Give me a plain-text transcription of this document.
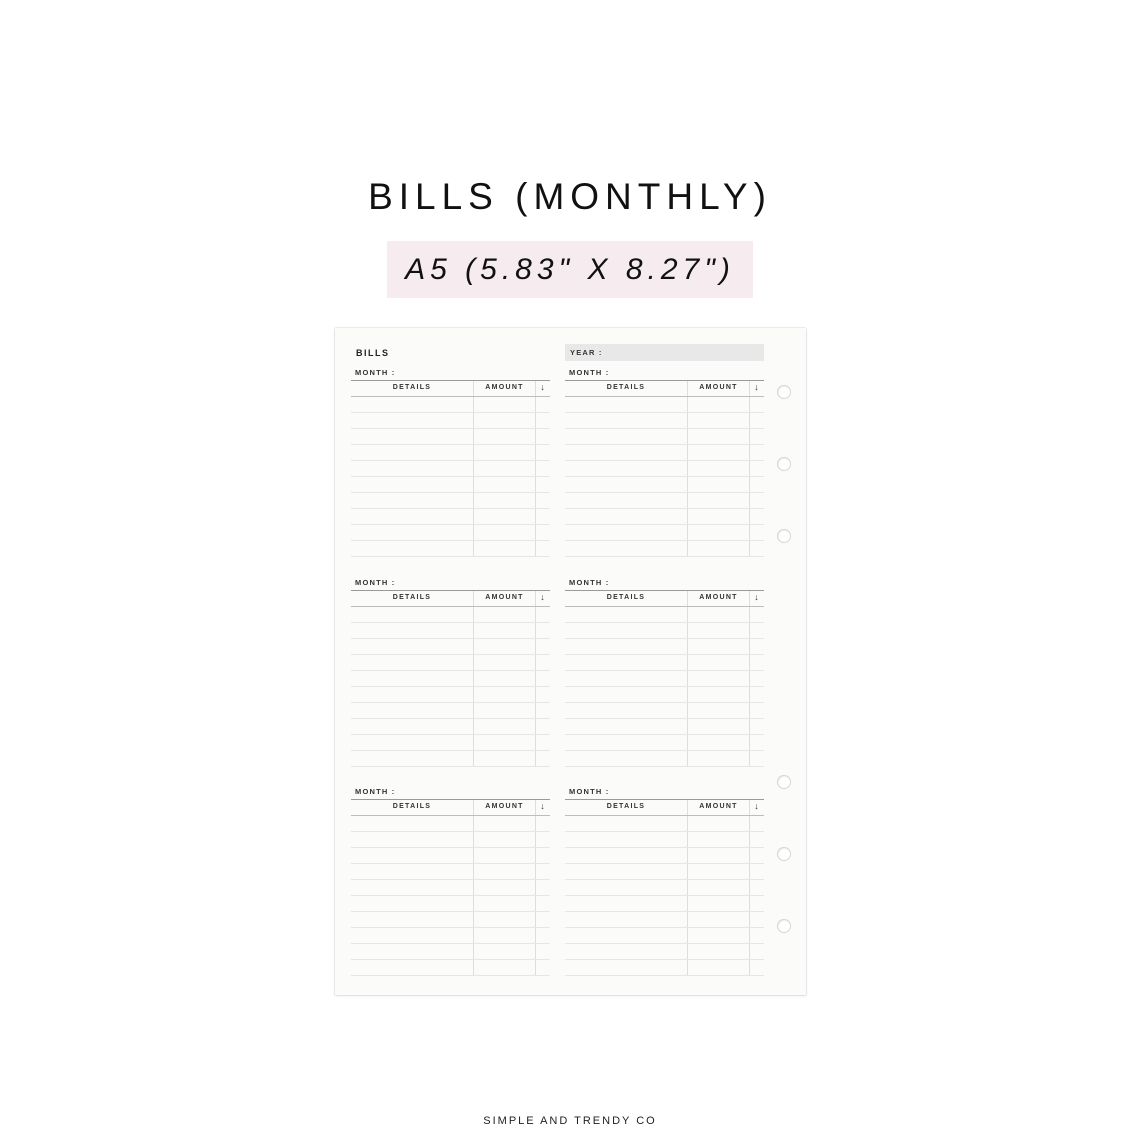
BILLS (MONTHLY)
A5 (5.83" X 8.27")
BILLS	YEAR :
MONTH :
DETAILS	AMOUNT	↓
MONTH :
DETAILS	AMOUNT	↓
MONTH :
DETAILS	AMOUNT	↓
MONTH :
DETAILS	AMOUNT	↓
MONTH :
DETAILS	AMOUNT	↓
MONTH :
DETAILS	AMOUNT	↓
SIMPLE AND TRENDY CO
